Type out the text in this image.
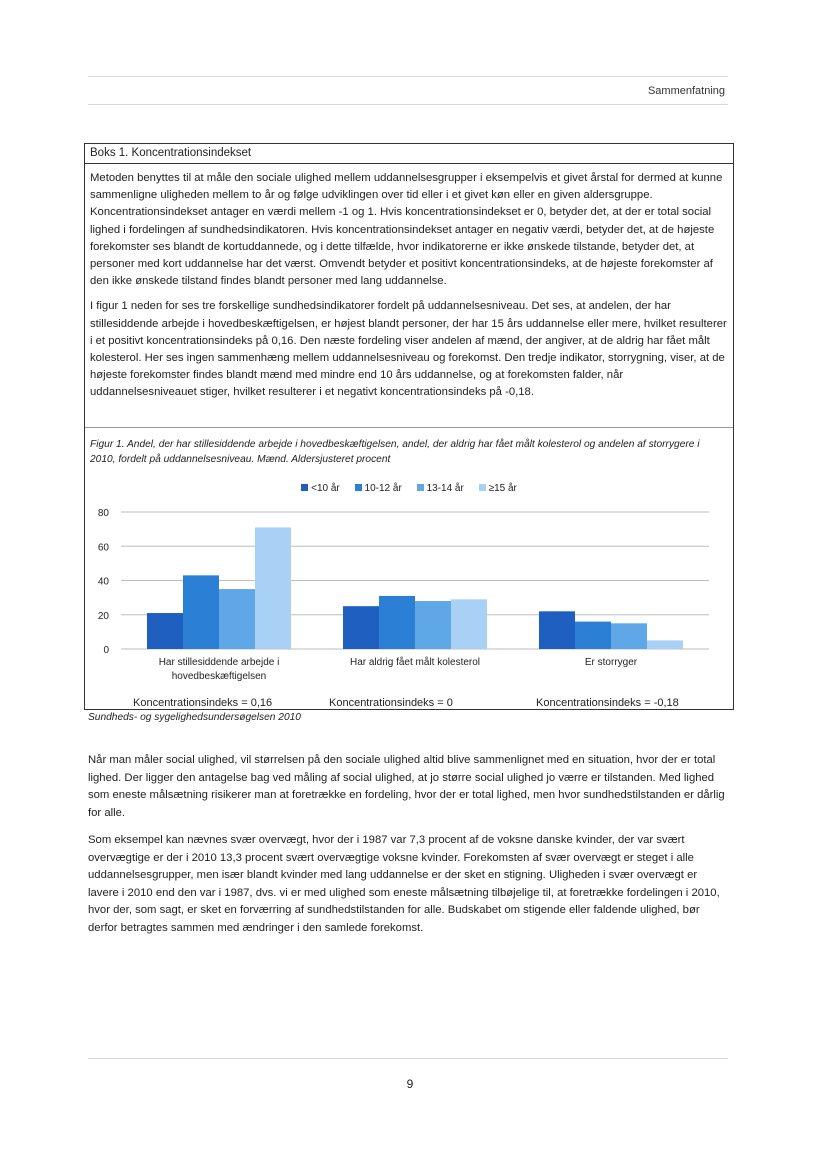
Sammenfatning
Boks 1. Koncentrationsindekset

Metoden benyttes til at måle den sociale ulighed mellem uddannelsesgrupper i eksempelvis et givet årstal for dermed at kunne sammenligne uligheden mellem to år og følge udviklingen over tid eller i et givet køn eller en given aldersgruppe. Koncentrationsindekset antager en værdi mellem -1 og 1. Hvis koncentrationsindekset er 0, betyder det, at der er total social lighed i fordelingen af sundhedsindikatoren. Hvis koncentrationsindekset antager en negativ værdi, betyder det, at de højeste forekomster ses blandt de kortuddannede, og i dette tilfælde, hvor indikatorerne er ikke ønskede tilstande, betyder det, at personer med kort uddannelse har det værst. Omvendt betyder et positivt koncentrationsindeks, at de højeste forekomster af den ikke ønskede tilstand findes blandt personer med lang uddannelse.

I figur 1 neden for ses tre forskellige sundhedsindikatorer fordelt på uddannelsesniveau. Det ses, at andelen, der har stillesiddende arbejde i hovedbeskæftigelsen, er højest blandt personer, der har 15 års uddannelse eller mere, hvilket resulterer i et positivt koncentrationsindeks på 0,16. Den næste fordeling viser andelen af mænd, der angiver, at de aldrig har fået målt kolesterol. Her ses ingen sammenhæng mellem uddannelsesniveau og forekomst. Den tredje indikator, storrygning, viser, at de højeste forekomster findes blandt mænd med mindre end 10 års uddannelse, og at forekomsten falder, når uddannelsesniveauet stiger, hvilket resulterer i et negativt koncentrationsindeks på -0,18.

Figur 1. Andel, der har stillesiddende arbejde i hovedbeskæftigelsen, andel, der aldrig har fået målt kolesterol og andelen af storrygere i 2010, fordelt på uddannelsesniveau. Mænd. Aldersjusteret procent
<10 år 10-12 år 13-14 år ≥15 år
0
20
40
60
80
Har stillesiddende arbejde i
hovedbeskæftigelsen
Har aldrig fået målt kolesterol	Er storryger
Koncentrationsindeks = 0,16	Koncentrationsindeks = 0	Koncentrationsindeks = -0,18
Sundheds- og sygelighedsundersøgelsen 2010

Når man måler social ulighed, vil størrelsen på den sociale ulighed altid blive sammenlignet med en situation, hvor der er total lighed. Der ligger den antagelse bag ved måling af social ulighed, at jo større social ulighed jo værre er tilstanden. Med lighed som eneste målsætning risikerer man at foretrække en fordeling, hvor der er total lighed, men hvor sundhedstilstanden er dårlig for alle.

Som eksempel kan nævnes svær overvægt, hvor der i 1987 var 7,3 procent af de voksne danske kvinder, der var svært overvægtige er der i 2010 13,3 procent svært overvægtige voksne kvinder. Forekomsten af svær overvægt er steget i alle uddannelsesgrupper, men især blandt kvinder med lang uddannelse er der sket en stigning. Uligheden i svær overvægt er lavere i 2010 end den var i 1987, dvs. vi er med ulighed som eneste målsætning tilbøjelige til, at foretrække fordelingen i 2010, hvor der, som sagt, er sket en forværring af sundhedstilstanden for alle. Budskabet om stigende eller faldende ulighed, bør derfor betragtes sammen med ændringer i den samlede forekomst.

9
